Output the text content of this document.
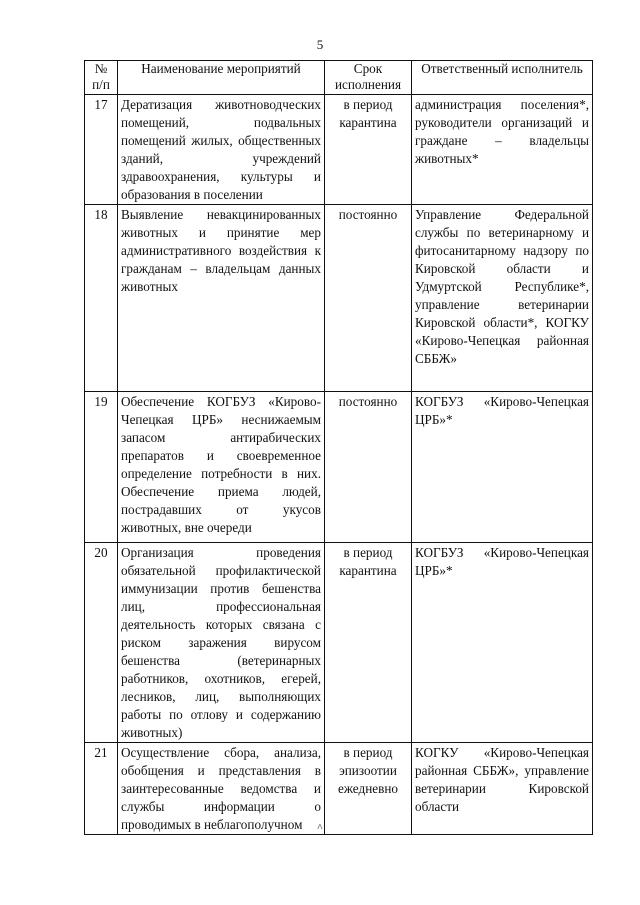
5
№ п/п	Наименование мероприятий	Срок исполнения	Ответственный исполнитель

17	Дератизация животноводческих помещений, подвальных помещений жилых, общественных зданий, учреждений здравоохранения, культуры и образования в поселении	в период карантина	администрация поселения*, руководители организаций и граждане – владельцы животных*
18	Выявление невакцинированных животных и принятие мер административного воздействия к гражданам – владельцам данных животных	постоянно	Управление Федеральной службы по ветеринарному и фитосанитарному надзору по Кировской области и Удмуртской Республике*, управление ветеринарии Кировской области*, КОГКУ «Кирово-Чепецкая районная СББЖ»
19	Обеспечение КОГБУЗ «Кирово-Чепецкая ЦРБ» неснижаемым запасом антирабических препаратов и своевременное определение потребности в них. Обеспечение приема людей, пострадавших от укусов животных, вне очереди	постоянно	КОГБУЗ «Кирово-Чепецкая ЦРБ»*
20	Организация проведения обязательной профилактической иммунизации против бешенства лиц, профессиональная деятельность которых связана с риском заражения вирусом бешенства (ветеринарных работников, охотников, егерей, лесников, лиц, выполняющих работы по отлову и содержанию животных)	в период карантина	КОГБУЗ «Кирово-Чепецкая ЦРБ»*
21	Осуществление сбора, анализа, обобщения и представления в заинтересованные ведомства и службы информации о проводимых в неблагополучном	в период эпизоотии ежедневно	КОГКУ «Кирово-Чепецкая районная СББЖ», управление ветеринарии Кировской области
^
